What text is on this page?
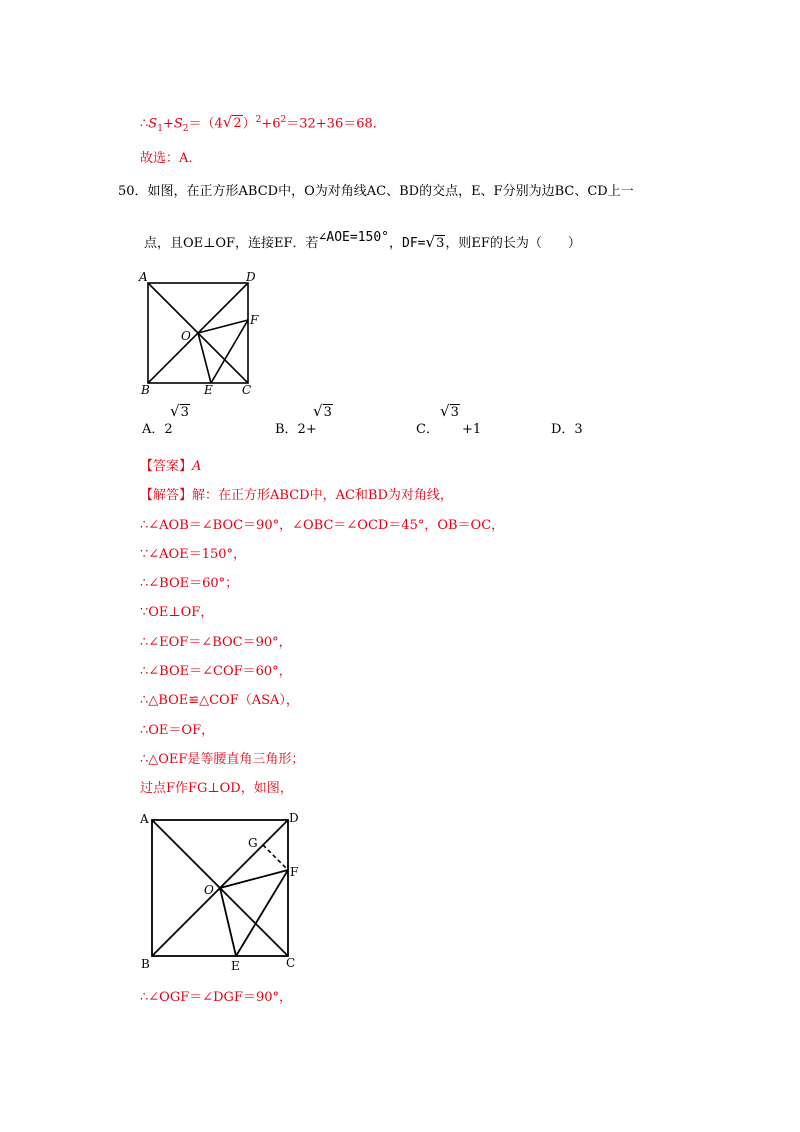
$\therefore S_1+S_2=(4√2)^2+6^2=32+36=68$．
故选：A．
50．如图，在正方形ABCD中，O为对角线AC、BD的交点，E、F分别为边BC、CD上一
点，且OE⊥OF，连接EF．若∠AOE=150°，DF=√3，则EF的长为（　　）
A	D
B	C
O
E
F
A．2
√3
B．2+
√3
C．
√3
+1	D．3
【答案】A
【解答】解：在正方形ABCD中，AC和BD为对角线，
∴∠AOB＝∠BOC＝90°，∠OBC＝∠OCD＝45°，OB＝OC，
∵∠AOE＝150°，
∴∠BOE＝60°；
∵OE⊥OF，
∴∠EOF＝∠BOC＝90°，
∴∠BOE＝∠COF＝60°，
∴△BOE≌△COF（ASA），
∴OE＝OF，
∴△OEF是等腰直角三角形；
过点F作FG⊥OD，如图，
A	D
B	C
O
E
F
G
∴∠OGF＝∠DGF＝90°，
